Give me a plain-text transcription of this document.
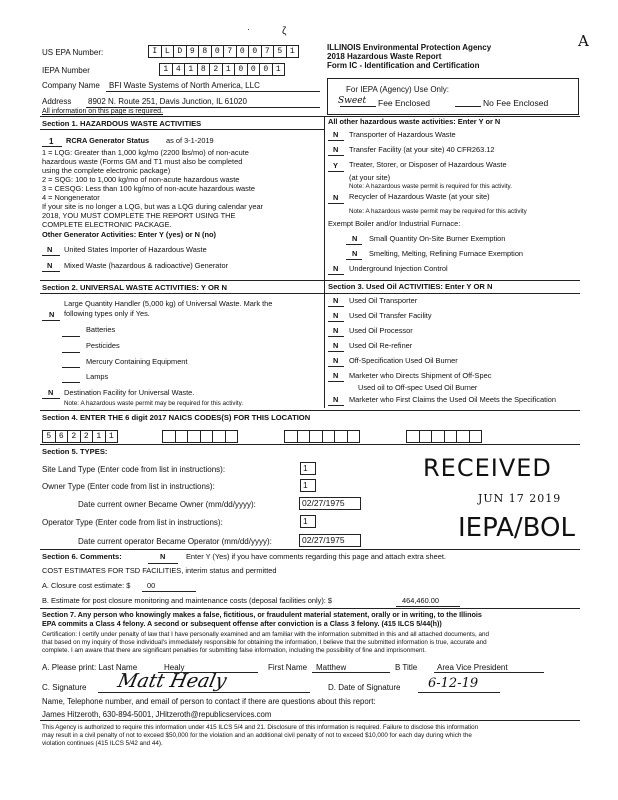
·	ζ
A
US EPA Number:	I L D 9 8 0 7 0 0 7 5 1
IEPA Number	1 4 1 8 2 1 0 0 0 1
Company Name BFI Waste Systems of North America, LLC
Address 8902 N. Route 251, Davis Junction, IL 61020
All information on this page is required.
ILLINOIS Environmental Protection Agency
2018 Hazardous Waste Report
Form IC - Identification and Certification
For IEPA (Agency) Use Only:
Sweet Fee Enclosed	No Fee Enclosed
Section 1. HAZARDOUS WASTE ACTIVITIES
1 RCRA Generator Status as of 3-1-2019
1 = LQG: Greater than 1,000 kg/mo (2200 lbs/mo) of non-acute
hazardous waste (Forms GM and T1 must also be completed
using the complete electronic package)
2 = SQG: 100 to 1,000 kg/mo of non-acute hazardous waste
3 = CESQG: Less than 100 kg/mo of non-acute hazardous waste
4 = Nongenerator
If your site is no longer a LQG, but was a LQG during calendar year
2018, YOU MUST COMPLETE THE REPORT USING THE
COMPLETE ELECTRONIC PACKAGE.
Other Generator Activities: Enter Y (yes) or N (no)
N United States Importer of Hazardous Waste
N Mixed Waste (hazardous & radioactive) Generator
All other hazardous waste activities: Enter Y or N
N Transporter of Hazardous Waste
N Transfer Facility (at your site) 40 CFR263.12
Y Treater, Storer, or Disposer of Hazardous Waste
(at your site)
Note: A hazardous waste permit is required for this activity.
N Recycler of Hazardous Waste (at your site)
Note: A hazardous waste permit may be required for this activity
Exempt Boiler and/or Industrial Furnace:
N Small Quantity On-Site Burner Exemption
N Smelting, Melting, Refining Furnace Exemption
N Underground Injection Control
Section 2. UNIVERSAL WASTE ACTIVITIES: Y OR N
Large Quantity Handler (5,000 kg) of Universal Waste. Mark the
N following types only if Yes.
Batteries
Pesticides
Mercury Containing Equipment
Lamps
N Destination Facility for Universal Waste.
Note: A hazardous waste permit may be required for this activity.
Section 3. Used Oil ACTIVITIES: Enter Y OR N
N Used Oil Transporter
N Used Oil Transfer Facility
N Used Oil Processor
N Used Oil Re-refiner
N Off-Specification Used Oil Burner
N Marketer who Directs Shipment of Off-Spec
Used oil to Off-spec Used Oil Burner
N Marketer who First Claims the Used Oil Meets the Specification
Section 4. ENTER THE 6 digit 2017 NAICS CODES(S) FOR THIS LOCATION
5 6 2 2 1 1
Section 5. TYPES:
Site Land Type (Enter code from list in instructions):	1
Owner Type (Enter code from list in instructions):	1
Date current owner Became Owner (mm/dd/yyyy):	02/27/1975
Operator Type (Enter code from list in instructions):	1
Date current operator Became Operator (mm/dd/yyyy):	02/27/1975
RECEIVED
JUN 17 2019
IEPA/BOL
Section 6. Comments:	N	Enter Y (Yes) if you have comments regarding this page and attach extra sheet.
COST ESTIMATES FOR TSD FACILITIES, interim status and permitted
A. Closure cost estimate: $ 00
B. Estimate for post closure monitoring and maintenance costs (deposal facilities only): $	464,460.00
Section 7. Any person who knowingly makes a false, fictitious, or fraudulent material statement, orally or in writing, to the Illinois
EPA commits a Class 4 felony. A second or subsequent offense after conviction is a Class 3 felony. (415 ILCS 5/44(h))
Certification: I certify under penalty of law that I have personally examined and am familiar with the information submitted in this and all attached documents, and
that based on my inquiry of those individual's immediately responsible for obtaining the information, I believe that the submitted information is true, accurate and
complete. I am aware that there are significant penalties for submitting false information, including the possibility of fine and imprisonment.
A. Please print: Last Name	Healy	First Name Matthew	B Title Area Vice President
C. Signature Matt Healy	D. Date of Signature 6-12-19
Name, Telephone number, and email of person to contact if there are questions about this report:
James Hitzeroth, 630-894-5001, JHitzeroth@republicservices.com
This Agency is authorized to require this information under 415 ILCS 5/4 and 21. Disclosure of this information is required. Failure to disclose this information
may result in a civil penalty of not to exceed $50,000 for the violation and an additional civil penalty of not to exceed $10,000 for each day during which the
violation continues (415 ILCS 5/42 and 44).
